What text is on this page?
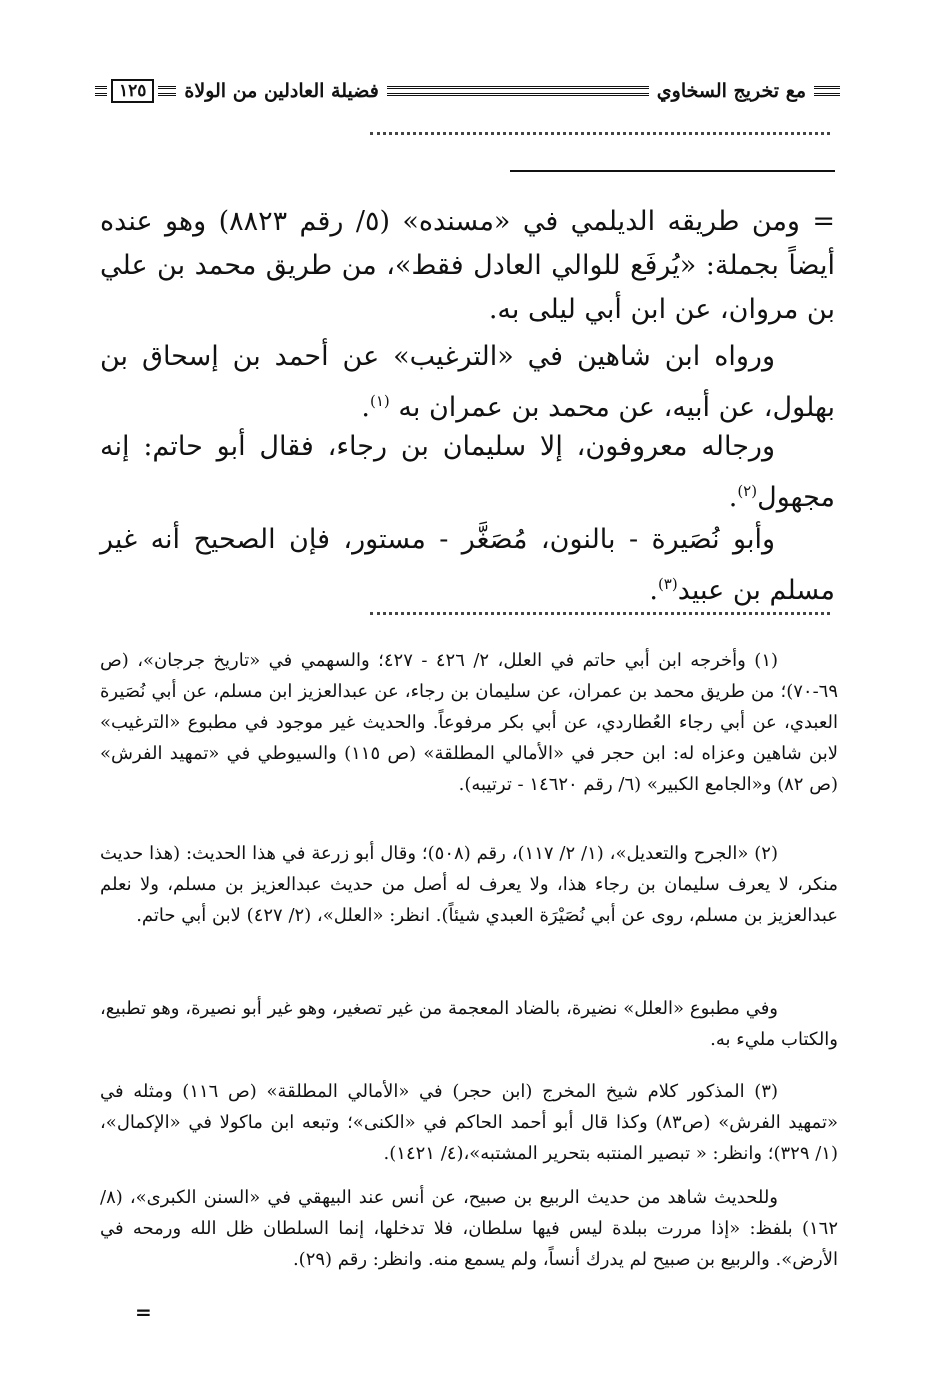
مع تخريج السخاوي
فضيلة العادلين من الولاة
١٢٥

= ومن طريقه الديلمي في «مسنده» (٥/ رقم ٨٨٢٣) وهو عنده أيضاً بجملة: «يُرفَع للوالي العادل فقط»، من طريق محمد بن علي بن مروان، عن ابن أبي ليلى به.

ورواه ابن شاهين في «الترغيب» عن أحمد بن إسحاق بن بهلول، عن أبيه، عن محمد بن عمران به $^{(١)}$.

ورجاله معروفون، إلا سليمان بن رجاء، فقال أبو حاتم: إنه مجهول$^{(٢)}$.

وأبو نُصَيرة - بالنون، مُصَغَّر - مستور، فإن الصحيح أنه غير مسلم بن عبيد$^{(٣)}$.

(١) وأخرجه ابن أبي حاتم في العلل، ٢/ ٤٢٦ - ٤٢٧؛ والسهمي في «تاريخ جرجان»، (ص ٦٩-٧٠)؛ من طريق محمد بن عمران، عن سليمان بن رجاء، عن عبدالعزيز ابن مسلم، عن أبي نُصَيرة العبدي، عن أبي رجاء العُطاردي، عن أبي بكر مرفوعاً. والحديث غير موجود في مطبوع «الترغيب» لابن شاهين وعزاه له: ابن حجر في «الأمالي المطلقة» (ص ١١٥) والسيوطي في «تمهيد الفرش» (ص ٨٢) و«الجامع الكبير» (٦/ رقم ١٤٦٢٠ - ترتيبه).

(٢) «الجرح والتعديل»، (١/ ٢/ ١١٧)، رقم (٥٠٨)؛ وقال أبو زرعة في هذا الحديث: (هذا حديث منكر، لا يعرف سليمان بن رجاء هذا، ولا يعرف له أصل من حديث عبدالعزيز بن مسلم، ولا نعلم عبدالعزيز بن مسلم، روى عن أبي نُصَيْرَة العبدي شيئاً). انظر: «العلل»، (٢/ ٤٢٧) لابن أبي حاتم.

وفي مطبوع «العلل» نضيرة، بالضاد المعجمة من غير تصغير، وهو غير أبو نصيرة، وهو تطبيع، والكتاب مليء به.

(٣) المذكور كلام شيخ المخرج (ابن حجر) في «الأمالي المطلقة» (ص ١١٦) ومثله في «تمهيد الفرش» (ص٨٣) وكذا قال أبو أحمد الحاكم في «الكنى»؛ وتبعه ابن ماكولا في «الإكمال»، (١/ ٣٢٩)؛ وانظر: « تبصير المنتبه بتحرير المشتبه»،(٤/ ١٤٢١).

وللحديث شاهد من حديث الربيع بن صبيح، عن أنس عند البيهقي في «السنن الكبرى»، (٨/ ١٦٢) بلفظ: «إذا مررت ببلدة ليس فيها سلطان، فلا تدخلها، إنما السلطان ظل الله ورمحه في الأرض». والربيع بن صبيح لم يدرك أنساً، ولم يسمع منه. وانظر: رقم (٢٩).

=
